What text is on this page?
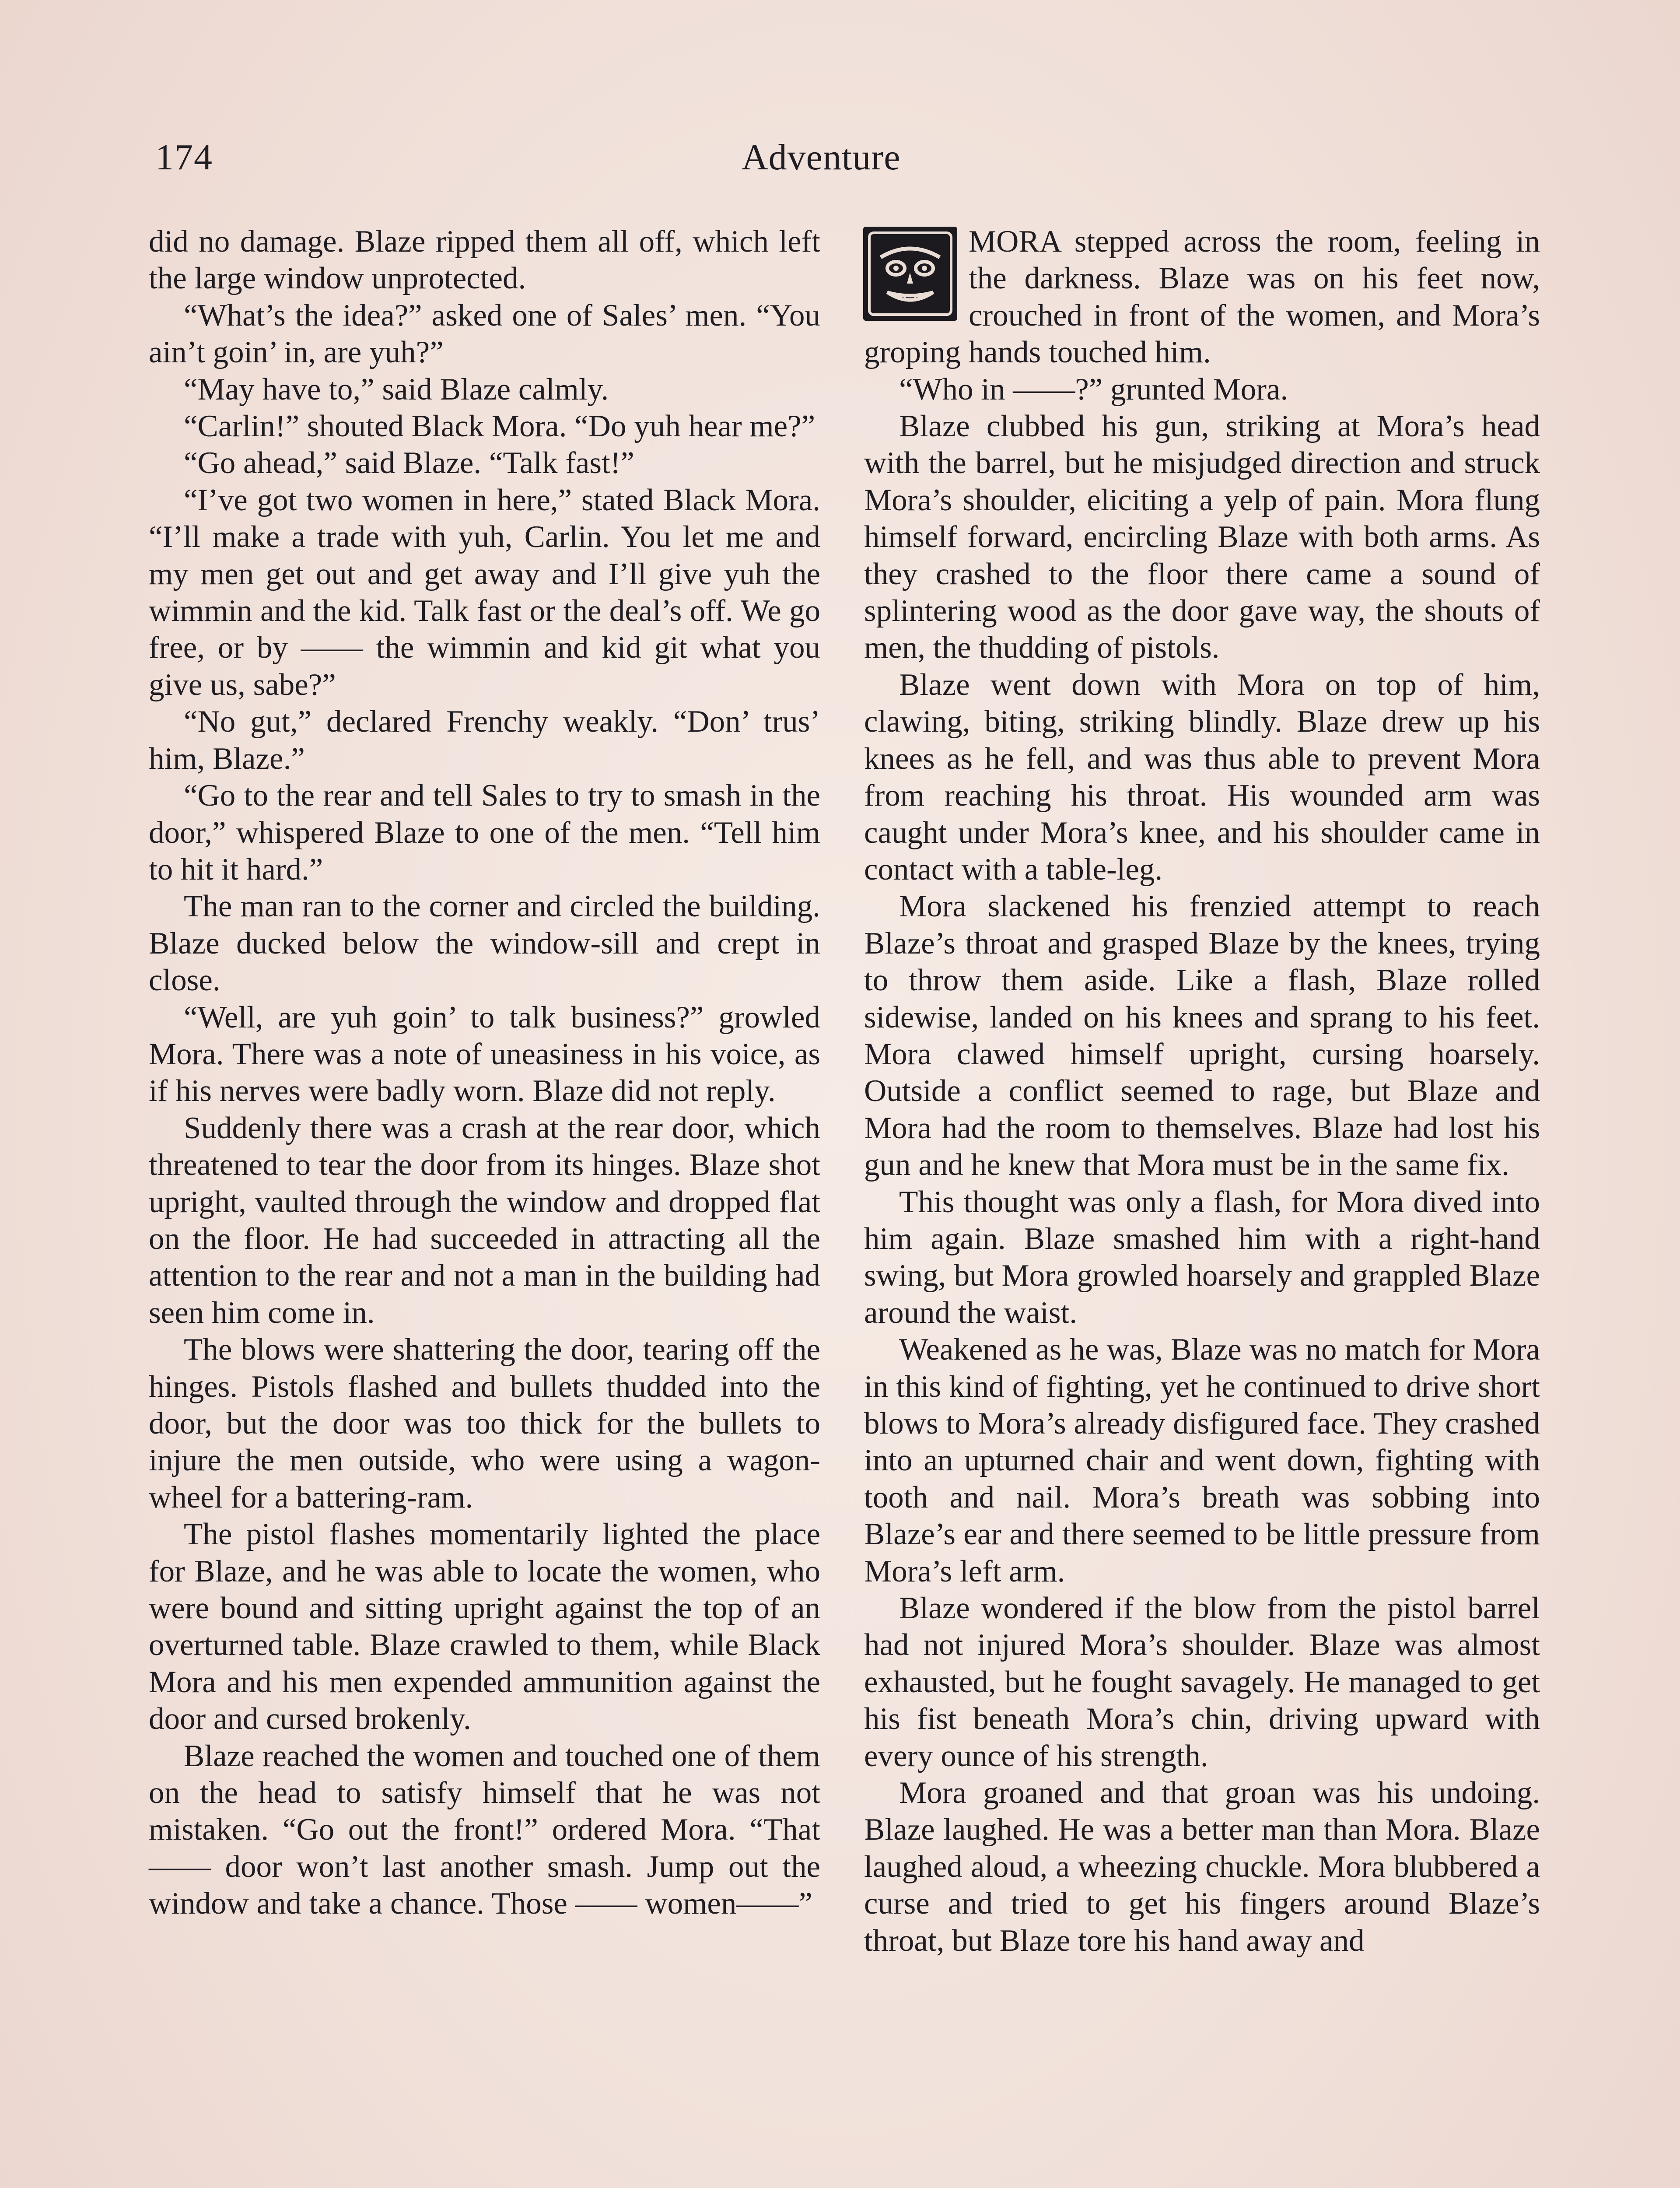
174	Adventure

did no damage. Blaze ripped them all off, which left the large window unprotected.

“What’s the idea?” asked one of Sales’ men. “You ain’t goin’ in, are yuh?”

“May have to,” said Blaze calmly.

“Carlin!” shouted Black Mora. “Do yuh hear me?”

“Go ahead,” said Blaze. “Talk fast!”

“I’ve got two women in here,” stated Black Mora. “I’ll make a trade with yuh, Carlin. You let me and my men get out and get away and I’ll give yuh the wimmin and the kid. Talk fast or the deal’s off. We go free, or by —— the wimmin and kid git what you give us, sabe?”

“No gut,” declared Frenchy weakly. “Don’ trus’ him, Blaze.”

“Go to the rear and tell Sales to try to smash in the door,” whispered Blaze to one of the men. “Tell him to hit it hard.”

The man ran to the corner and circled the building. Blaze ducked below the window-sill and crept in close.

“Well, are yuh goin’ to talk business?” growled Mora. There was a note of uneasiness in his voice, as if his nerves were badly worn. Blaze did not reply.

Suddenly there was a crash at the rear door, which threatened to tear the door from its hinges. Blaze shot upright, vaulted through the window and dropped flat on the floor. He had succeeded in attracting all the attention to the rear and not a man in the building had seen him come in.

The blows were shattering the door, tearing off the hinges. Pistols flashed and bullets thudded into the door, but the door was too thick for the bullets to injure the men outside, who were using a wagon-wheel for a battering-ram.

The pistol flashes momentarily lighted the place for Blaze, and he was able to locate the women, who were bound and sitting upright against the top of an overturned table. Blaze crawled to them, while Black Mora and his men expended ammunition against the door and cursed brokenly.

Blaze reached the women and touched one of them on the head to satisfy himself that he was not mistaken. “Go out the front!” ordered Mora. “That —— door won’t last another smash. Jump out the window and take a chance. Those —— women——”

MORA stepped across the room, feeling in the darkness. Blaze was on his feet now, crouched in front of the women, and Mora’s groping hands touched him.

“Who in ——?” grunted Mora.

Blaze clubbed his gun, striking at Mora’s head with the barrel, but he misjudged direction and struck Mora’s shoulder, eliciting a yelp of pain. Mora flung himself forward, encircling Blaze with both arms. As they crashed to the floor there came a sound of splintering wood as the door gave way, the shouts of men, the thudding of pistols.

Blaze went down with Mora on top of him, clawing, biting, striking blindly. Blaze drew up his knees as he fell, and was thus able to prevent Mora from reaching his throat. His wounded arm was caught under Mora’s knee, and his shoulder came in contact with a table-leg.

Mora slackened his frenzied attempt to reach Blaze’s throat and grasped Blaze by the knees, trying to throw them aside. Like a flash, Blaze rolled sidewise, landed on his knees and sprang to his feet. Mora clawed himself upright, cursing hoarsely. Outside a conflict seemed to rage, but Blaze and Mora had the room to themselves. Blaze had lost his gun and he knew that Mora must be in the same fix.

This thought was only a flash, for Mora dived into him again. Blaze smashed him with a right-hand swing, but Mora growled hoarsely and grappled Blaze around the waist.

Weakened as he was, Blaze was no match for Mora in this kind of fighting, yet he continued to drive short blows to Mora’s already disfigured face. They crashed into an upturned chair and went down, fighting with tooth and nail. Mora’s breath was sobbing into Blaze’s ear and there seemed to be little pressure from Mora’s left arm.

Blaze wondered if the blow from the pistol barrel had not injured Mora’s shoulder. Blaze was almost exhausted, but he fought savagely. He managed to get his fist beneath Mora’s chin, driving upward with every ounce of his strength.

Mora groaned and that groan was his undoing. Blaze laughed. He was a better man than Mora. Blaze laughed aloud, a wheezing chuckle. Mora blubbered a curse and tried to get his fingers around Blaze’s throat, but Blaze tore his hand away and
